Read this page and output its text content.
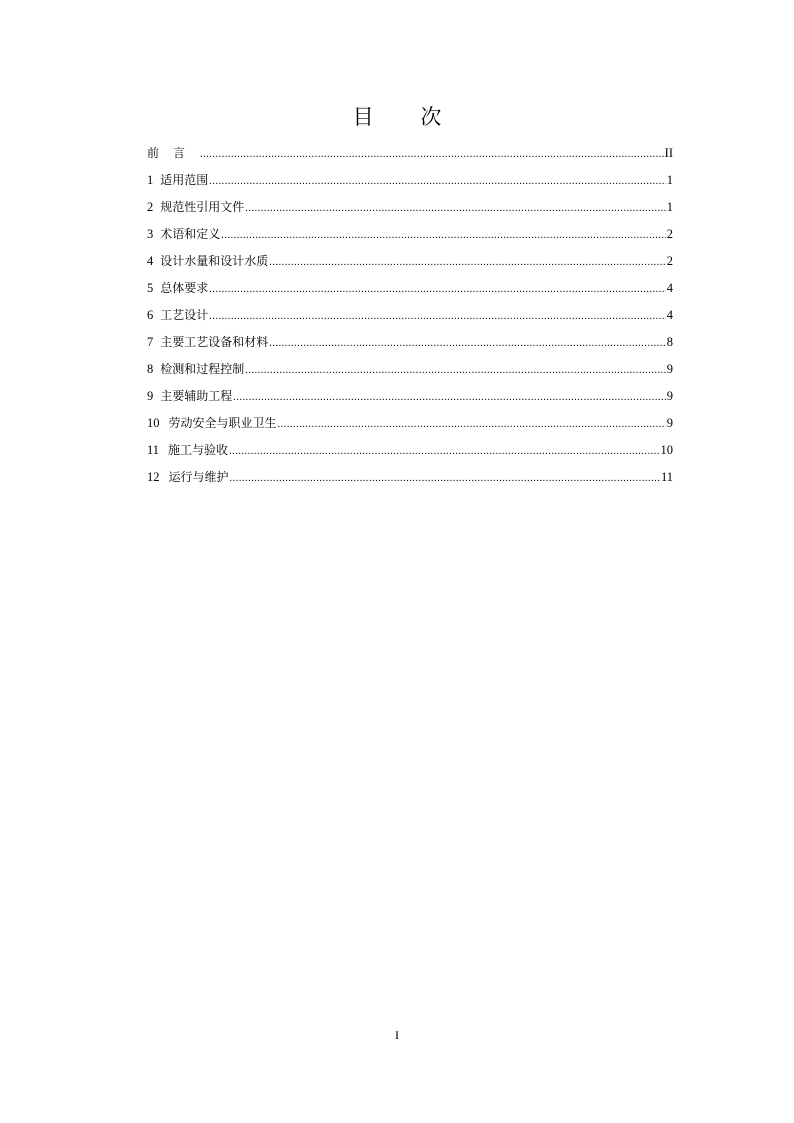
目 次
前言 .....	II
1 适用范围 .....	1
2 规范性引用文件 .....	1
3 术语和定义 .....	2
4 设计水量和设计水质 .....	2
5 总体要求 .....	4
6 工艺设计 .....	4
7 主要工艺设备和材料 .....	8
8 检测和过程控制 .....	9
9 主要辅助工程 .....	9
10 劳动安全与职业卫生 .....	9
11 施工与验收 .....	10
12 运行与维护 .....	11
I
